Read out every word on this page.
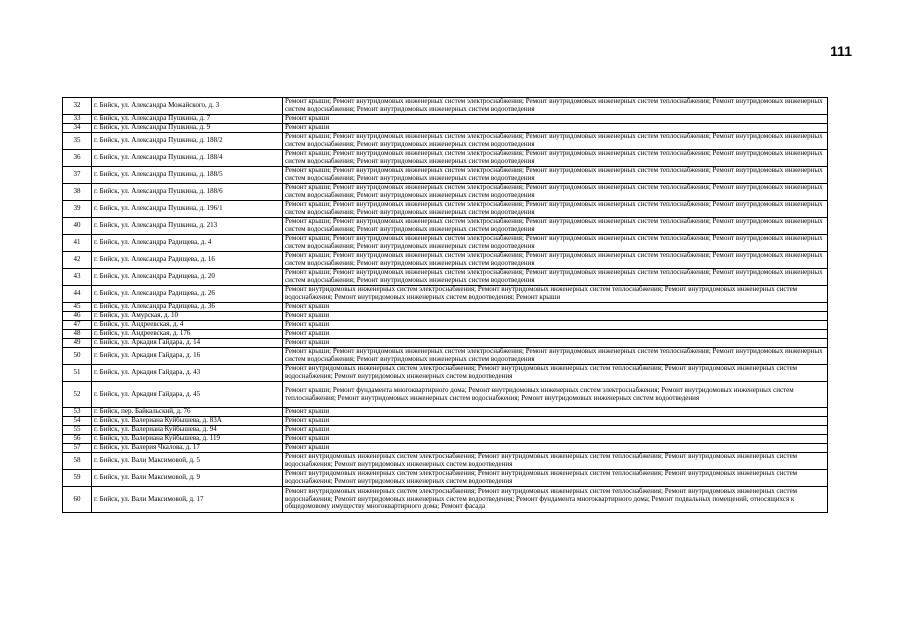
111
32	г. Бийск, ул. Александра Можайского, д. 3	Ремонт крыши; Ремонт внутридомовых инженерных систем электроснабжения; Ремонт внутридомовых инженерных систем теплоснабжения; Ремонт внутридомовых инженерных систем водоснабжения; Ремонт внутридомовых инженерных систем водоотведения
33	г. Бийск, ул. Александра Пушкина, д. 7	Ремонт крыши
34	г. Бийск, ул. Александра Пушкина, д. 9	Ремонт крыши
35	г. Бийск, ул. Александра Пушкина, д. 188/2	Ремонт крыши; Ремонт внутридомовых инженерных систем электроснабжения; Ремонт внутридомовых инженерных систем теплоснабжения; Ремонт внутридомовых инженерных систем водоснабжения; Ремонт внутридомовых инженерных систем водоотведения
36	г. Бийск, ул. Александра Пушкина, д. 188/4	Ремонт крыши; Ремонт внутридомовых инженерных систем электроснабжения; Ремонт внутридомовых инженерных систем теплоснабжения; Ремонт внутридомовых инженерных систем водоснабжения; Ремонт внутридомовых инженерных систем водоотведения
37	г. Бийск, ул. Александра Пушкина, д. 188/5	Ремонт крыши; Ремонт внутридомовых инженерных систем электроснабжения; Ремонт внутридомовых инженерных систем теплоснабжения; Ремонт внутридомовых инженерных систем водоснабжения; Ремонт внутридомовых инженерных систем водоотведения
38	г. Бийск, ул. Александра Пушкина, д. 188/6	Ремонт крыши; Ремонт внутридомовых инженерных систем электроснабжения; Ремонт внутридомовых инженерных систем теплоснабжения; Ремонт внутридомовых инженерных систем водоснабжения; Ремонт внутридомовых инженерных систем водоотведения
39	г. Бийск, ул. Александра Пушкина, д. 196/1	Ремонт крыши; Ремонт внутридомовых инженерных систем электроснабжения; Ремонт внутридомовых инженерных систем теплоснабжения; Ремонт внутридомовых инженерных систем водоснабжения; Ремонт внутридомовых инженерных систем водоотведения
40	г. Бийск, ул. Александра Пушкина, д. 213	Ремонт крыши; Ремонт внутридомовых инженерных систем электроснабжения; Ремонт внутридомовых инженерных систем теплоснабжения; Ремонт внутридомовых инженерных систем водоснабжения; Ремонт внутридомовых инженерных систем водоотведения
41	г. Бийск, ул. Александра Радищева, д. 4	Ремонт крыши; Ремонт внутридомовых инженерных систем электроснабжения; Ремонт внутридомовых инженерных систем теплоснабжения; Ремонт внутридомовых инженерных систем водоснабжения; Ремонт внутридомовых инженерных систем водоотведения
42	г. Бийск, ул. Александра Радищева, д. 16	Ремонт крыши; Ремонт внутридомовых инженерных систем электроснабжения; Ремонт внутридомовых инженерных систем теплоснабжения; Ремонт внутридомовых инженерных систем водоснабжения; Ремонт внутридомовых инженерных систем водоотведения
43	г. Бийск, ул. Александра Радищева, д. 20	Ремонт крыши; Ремонт внутридомовых инженерных систем электроснабжения; Ремонт внутридомовых инженерных систем теплоснабжения; Ремонт внутридомовых инженерных систем водоснабжения; Ремонт внутридомовых инженерных систем водоотведения
44	г. Бийск, ул. Александра Радищева, д. 26	Ремонт внутридомовых инженерных систем электроснабжения; Ремонт внутридомовых инженерных систем теплоснабжения; Ремонт внутридомовых инженерных систем водоснабжения; Ремонт внутридомовых инженерных систем водоотведения; Ремонт крыши
45	г. Бийск, ул. Александра Радищева, д. 36	Ремонт крыши
46	г. Бийск, ул. Амурская, д. 10	Ремонт крыши
47	г. Бийск, ул. Андреевская, д. 4	Ремонт крыши
48	г. Бийск, ул. Андреевская, д. 176	Ремонт крыши
49	г. Бийск, ул. Аркадия Гайдара, д. 14	Ремонт крыши
50	г. Бийск, ул. Аркадия Гайдара, д. 16	Ремонт крыши; Ремонт внутридомовых инженерных систем электроснабжения; Ремонт внутридомовых инженерных систем теплоснабжения; Ремонт внутридомовых инженерных систем водоснабжения; Ремонт внутридомовых инженерных систем водоотведения
51	г. Бийск, ул. Аркадия Гайдара, д. 43	Ремонт внутридомовых инженерных систем электроснабжения; Ремонт внутридомовых инженерных систем теплоснабжения; Ремонт внутридомовых инженерных систем водоснабжения; Ремонт внутридомовых инженерных систем водоотведения
52	г. Бийск, ул. Аркадия Гайдара, д. 45	Ремонт крыши; Ремонт фундамента многоквартирного дома; Ремонт внутридомовых инженерных систем электроснабжения; Ремонт внутридомовых инженерных систем теплоснабжения; Ремонт внутридомовых инженерных систем водоснабжения; Ремонт внутридомовых инженерных систем водоотведения
53	г. Бийск, пер. Байкальский, д. 76	Ремонт крыши
54	г. Бийск, ул. Валериана Куйбышева, д. 83А	Ремонт крыши
55	г. Бийск, ул. Валериана Куйбышева, д. 94	Ремонт крыши
56	г. Бийск, ул. Валериана Куйбышева, д. 119	Ремонт крыши
57	г. Бийск, ул. Валерия Чкалова, д. 17	Ремонт крыши
58	г. Бийск, ул. Вали Максимовой, д. 5	Ремонт внутридомовых инженерных систем электроснабжения; Ремонт внутридомовых инженерных систем теплоснабжения; Ремонт внутридомовых инженерных систем водоснабжения; Ремонт внутридомовых инженерных систем водоотведения
59	г. Бийск, ул. Вали Максимовой, д. 9	Ремонт внутридомовых инженерных систем электроснабжения; Ремонт внутридомовых инженерных систем теплоснабжения; Ремонт внутридомовых инженерных систем водоснабжения; Ремонт внутридомовых инженерных систем водоотведения
60	г. Бийск, ул. Вали Максимовой, д. 17	Ремонт внутридомовых инженерных систем электроснабжения; Ремонт внутридомовых инженерных систем теплоснабжения; Ремонт внутридомовых инженерных систем водоснабжения; Ремонт внутридомовых инженерных систем водоотведения; Ремонт фундамента многоквартирного дома; Ремонт подвальных помещений, относящихся к общедомовому имуществу многоквартирного дома; Ремонт фасада
